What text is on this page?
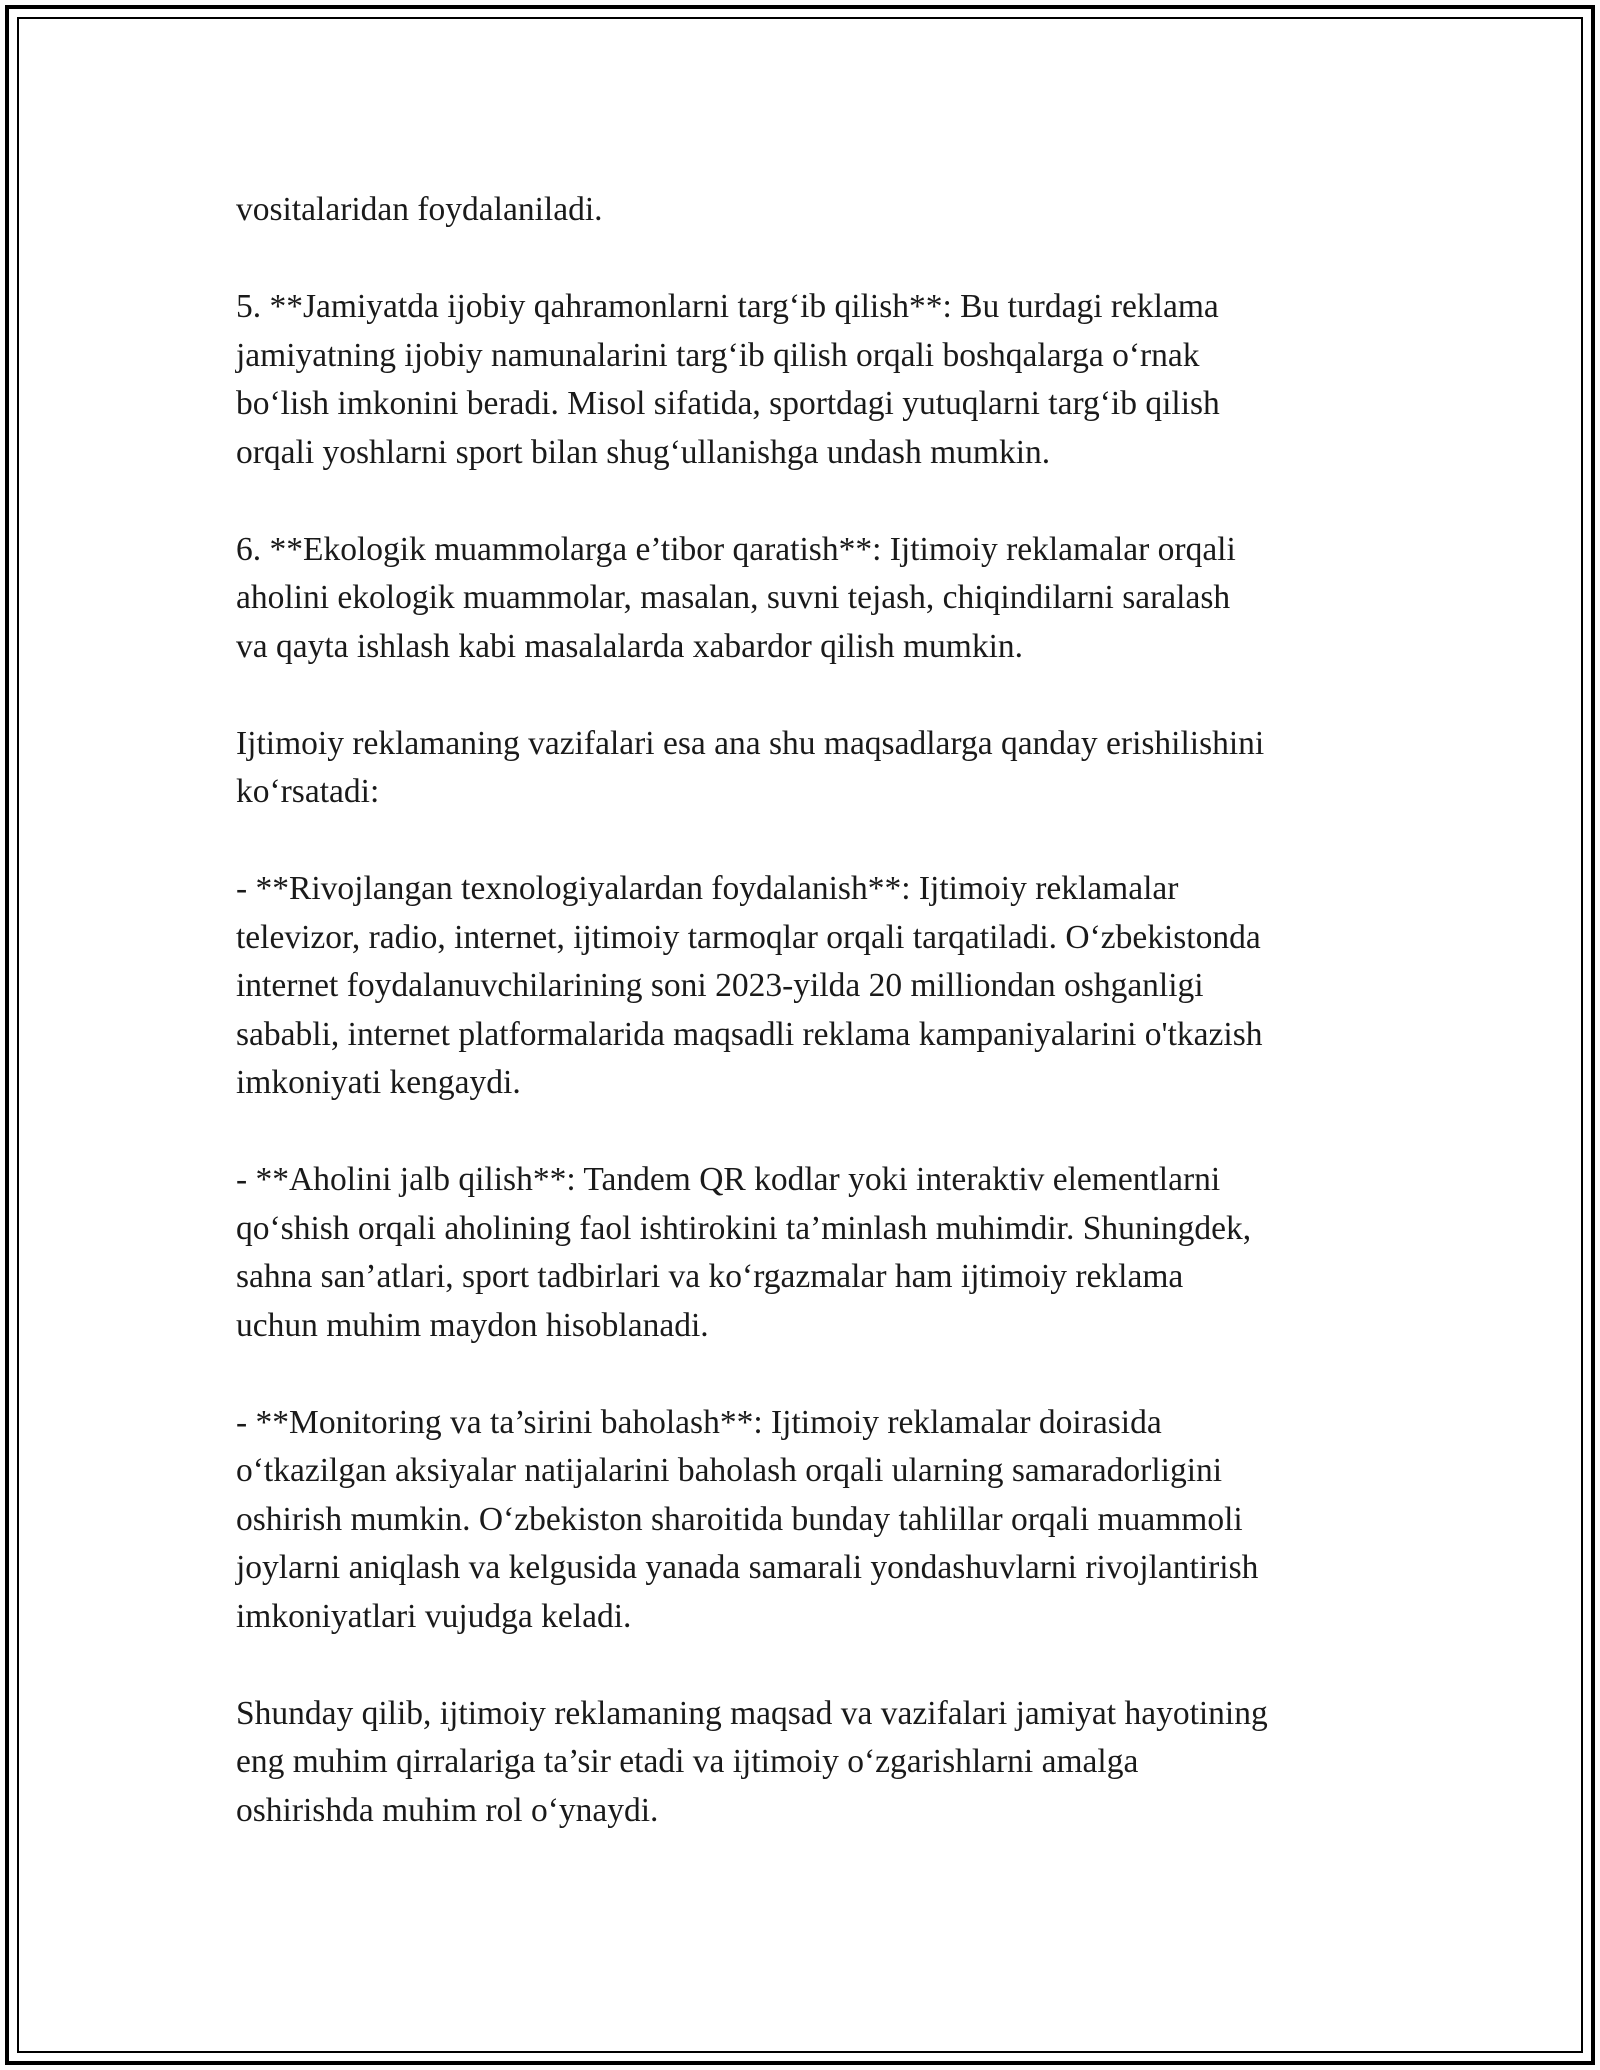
vositalaridan foydalaniladi.

5. **Jamiyatda ijobiy qahramonlarni targ‘ib qilish**: Bu turdagi reklama
jamiyatning ijobiy namunalarini targ‘ib qilish orqali boshqalarga o‘rnak
bo‘lish imkonini beradi. Misol sifatida, sportdagi yutuqlarni targ‘ib qilish
orqali yoshlarni sport bilan shug‘ullanishga undash mumkin.

6. **Ekologik muammolarga e’tibor qaratish**: Ijtimoiy reklamalar orqali
aholini ekologik muammolar, masalan, suvni tejash, chiqindilarni saralash
va qayta ishlash kabi masalalarda xabardor qilish mumkin.

Ijtimoiy reklamaning vazifalari esa ana shu maqsadlarga qanday erishilishini
ko‘rsatadi:

- **Rivojlangan texnologiyalardan foydalanish**: Ijtimoiy reklamalar
televizor, radio, internet, ijtimoiy tarmoqlar orqali tarqatiladi. O‘zbekistonda
internet foydalanuvchilarining soni 2023-yilda 20 milliondan oshganligi
sababli, internet platformalarida maqsadli reklama kampaniyalarini o'tkazish
imkoniyati kengaydi.

- **Aholini jalb qilish**: Tandem QR kodlar yoki interaktiv elementlarni
qo‘shish orqali aholining faol ishtirokini ta’minlash muhimdir. Shuningdek,
sahna san’atlari, sport tadbirlari va ko‘rgazmalar ham ijtimoiy reklama
uchun muhim maydon hisoblanadi.

- **Monitoring va ta’sirini baholash**: Ijtimoiy reklamalar doirasida
o‘tkazilgan aksiyalar natijalarini baholash orqali ularning samaradorligini
oshirish mumkin. O‘zbekiston sharoitida bunday tahlillar orqali muammoli
joylarni aniqlash va kelgusida yanada samarali yondashuvlarni rivojlantirish
imkoniyatlari vujudga keladi.

Shunday qilib, ijtimoiy reklamaning maqsad va vazifalari jamiyat hayotining
eng muhim qirralariga ta’sir etadi va ijtimoiy o‘zgarishlarni amalga
oshirishda muhim rol o‘ynaydi.
